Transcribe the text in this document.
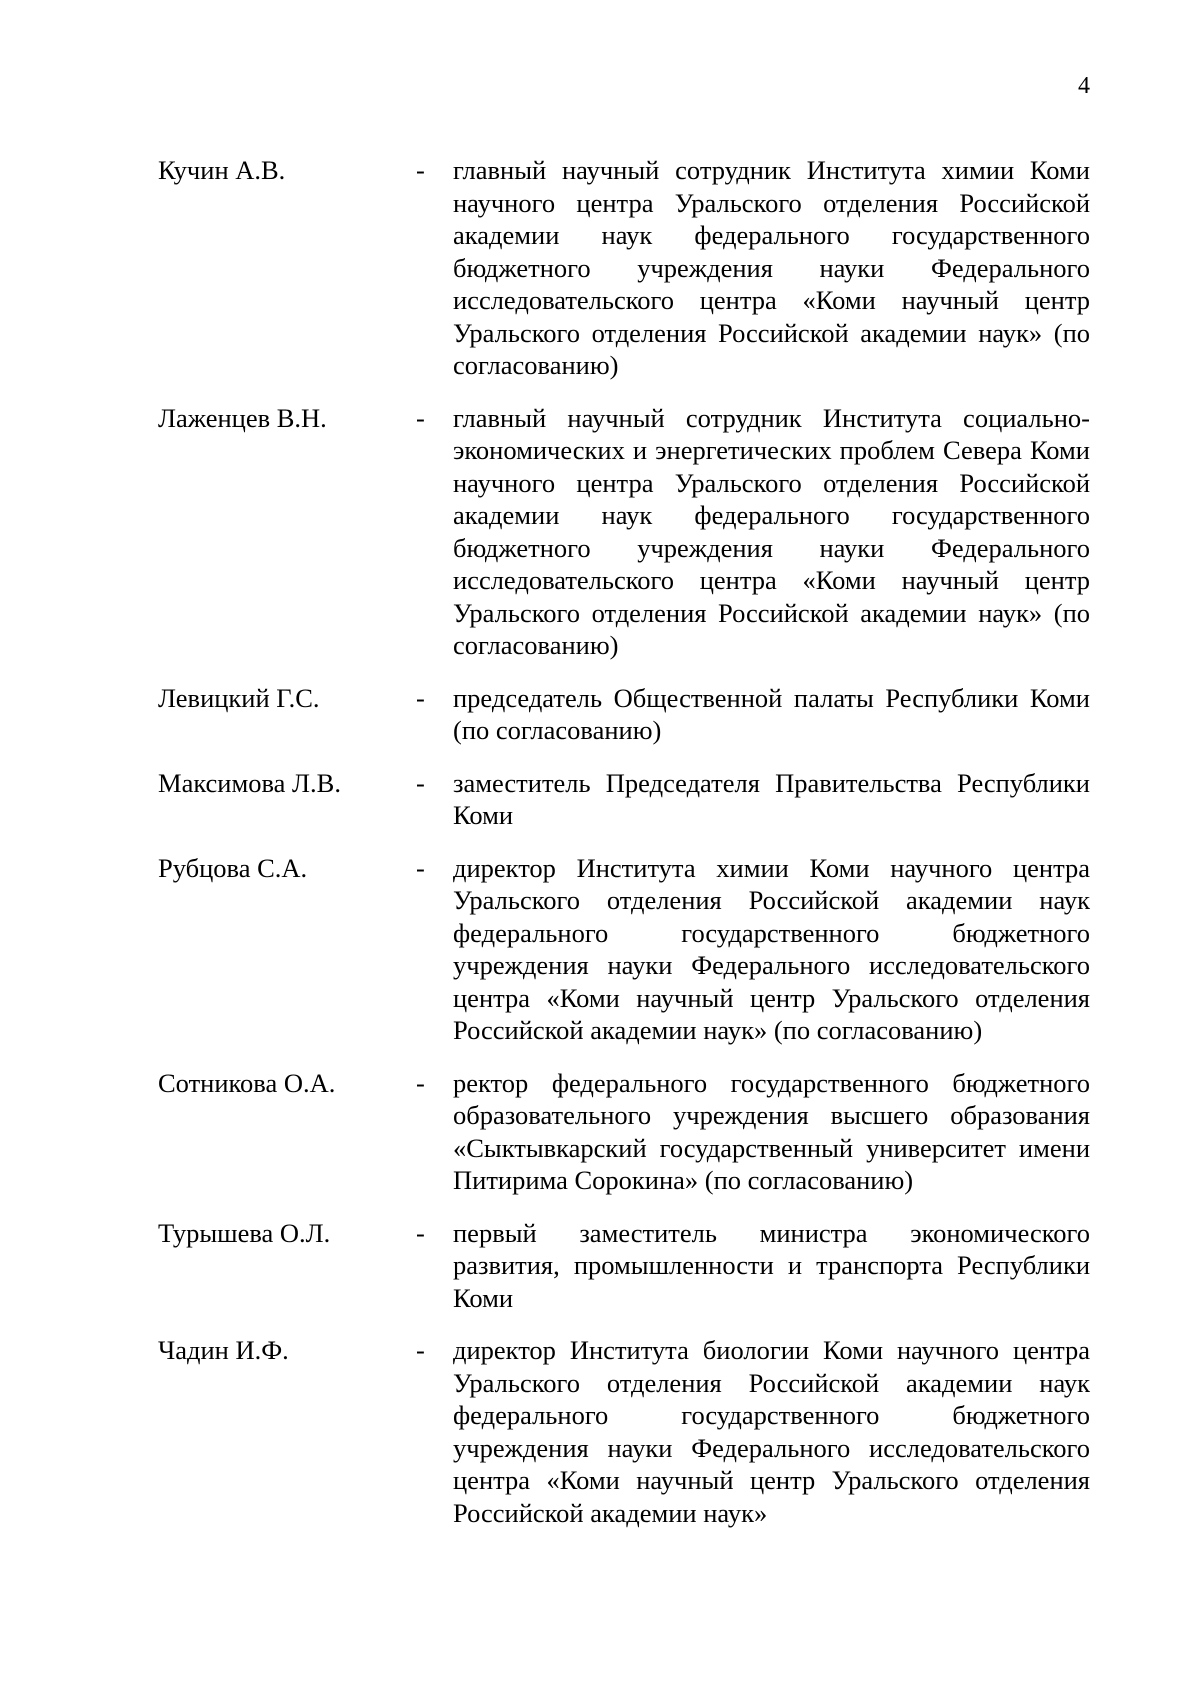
4
Кучин А.В.	-	главный научный сотрудник Института химии Коми научного центра Уральского отделения Российской академии наук федерального государственного бюджетного учреждения науки Федерального исследовательского центра «Коми научный центр Уральского отделения Российской академии наук» (по согласованию)
Лаженцев В.Н.	-	главный научный сотрудник Института социально-экономических и энергетических проблем Севера Коми научного центра Уральского отделения Российской академии наук федерального государственного бюджетного учреждения науки Федерального исследовательского центра «Коми научный центр Уральского отделения Российской академии наук» (по согласованию)
Левицкий Г.С.	-	председатель Общественной палаты Республики Коми (по согласованию)
Максимова Л.В.	-	заместитель Председателя Правительства Республики Коми
Рубцова С.А.	-	директор Института химии Коми научного центра Уральского отделения Российской академии наук федерального государственного бюджетного учреждения науки Федерального исследовательского центра «Коми научный центр Уральского отделения Российской академии наук» (по согласованию)
Сотникова О.А.	-	ректор федерального государственного бюджетного образовательного учреждения высшего образования «Сыктывкарский государственный университет имени Питирима Сорокина» (по согласованию)
Турышева О.Л.	-	первый заместитель министра экономического развития, промышленности и транспорта Республики Коми
Чадин И.Ф.	-	директор Института биологии Коми научного центра Уральского отделения Российской академии наук федерального государственного бюджетного учреждения науки Федерального исследовательского центра «Коми научный центр Уральского отделения Российской академии наук»
